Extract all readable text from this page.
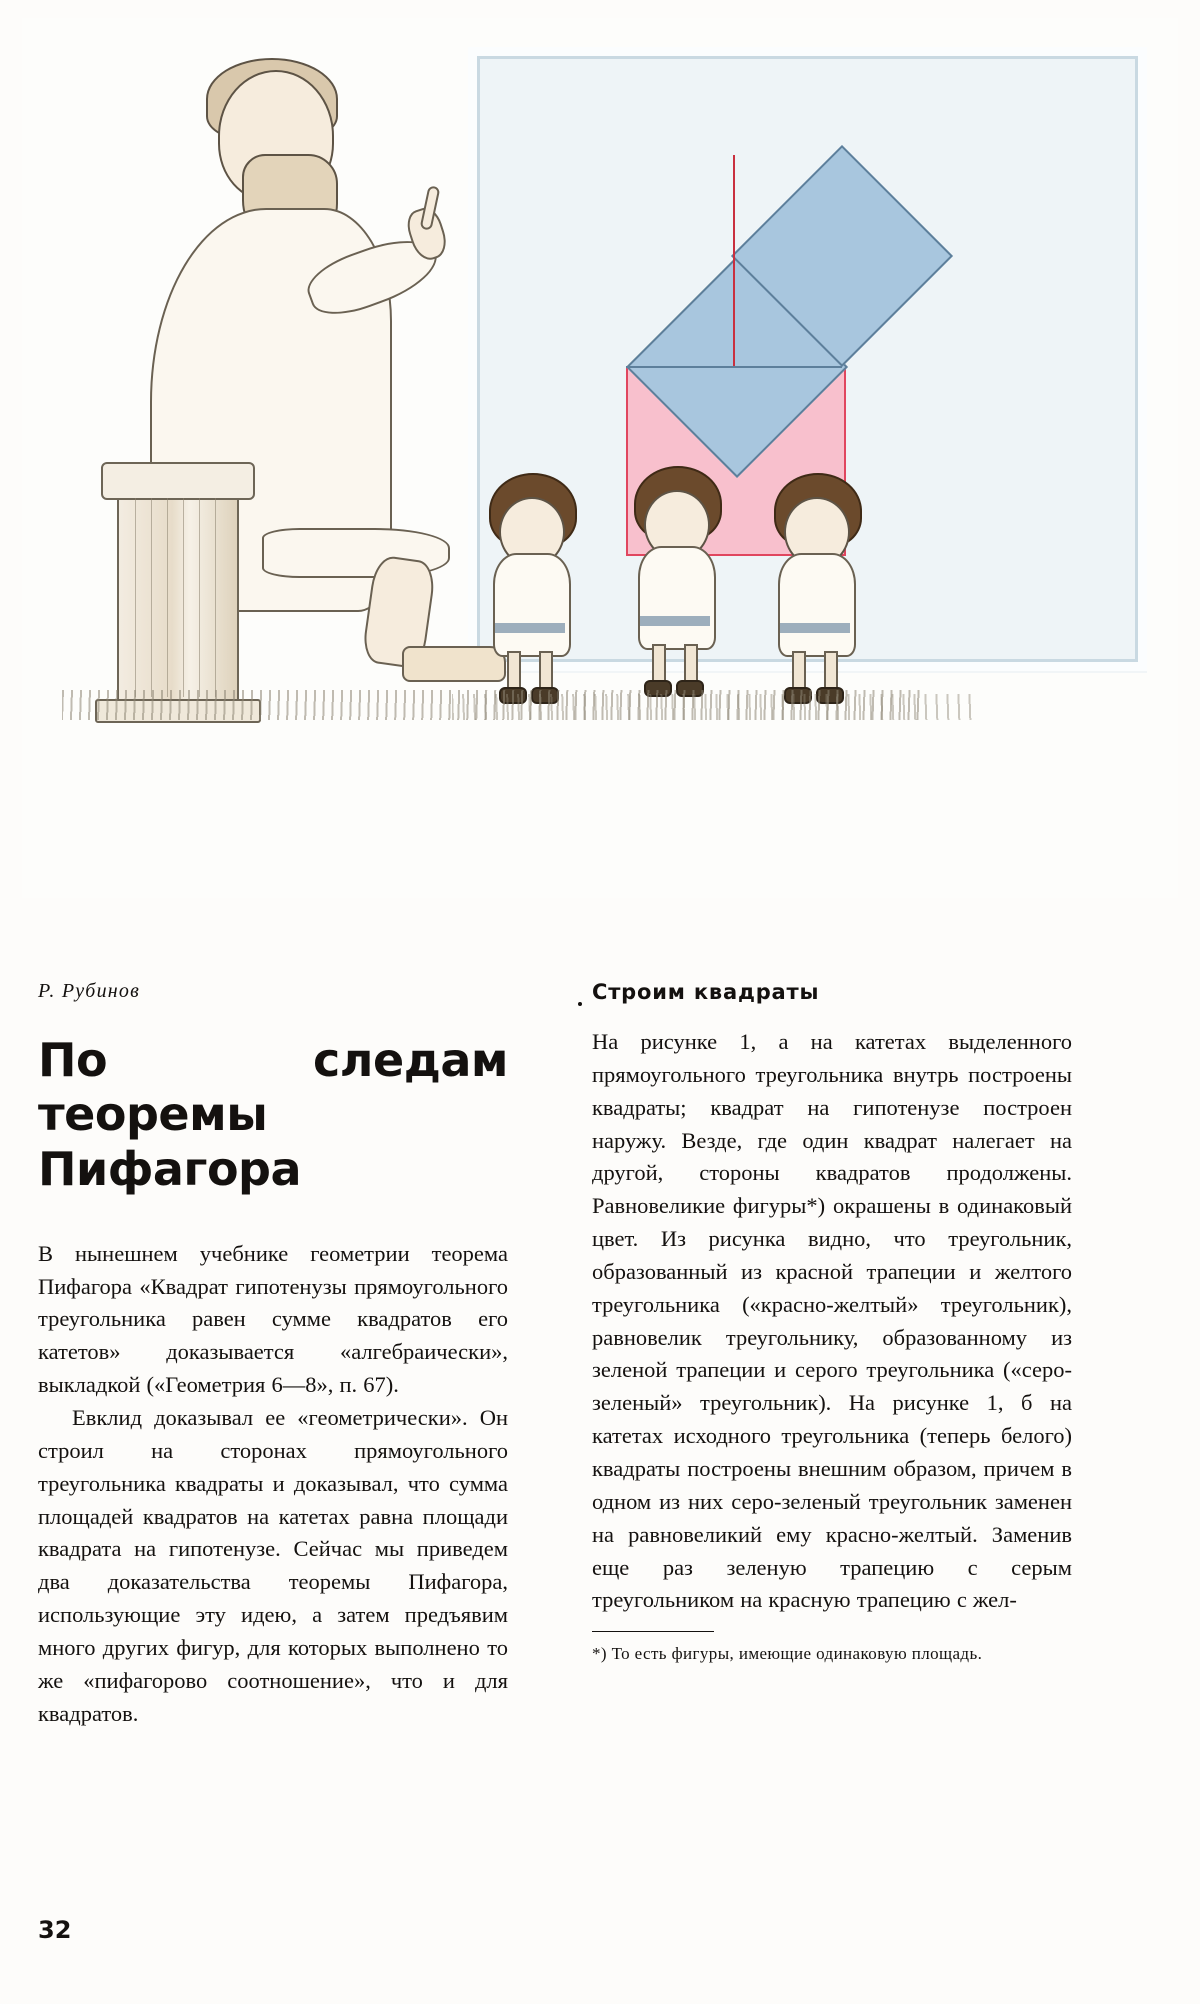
Р. Рубинов
По следам теоремы Пифагора

В нынешнем учебнике геометрии теорема Пифагора «Квадрат гипотенузы прямоугольного треугольника равен сумме квадратов его катетов» доказывается «алгебраически», выкладкой («Геометрия 6—8», п. 67).

Евклид доказывал ее «геометрически». Он строил на сторонах прямоугольного треугольника квадраты и доказывал, что сумма площадей квадратов на катетах равна площади квадрата на гипотенузе. Сейчас мы приведем два доказательства теоремы Пифагора, использующие эту идею, а затем предъявим много других фигур, для которых выполнено то же «пифагорово соотношение», что и для квадратов.

Строим квадраты

На рисунке 1, а на катетах выделенного прямоугольного треугольника внутрь построены квадраты; квадрат на гипотенузе построен наружу. Везде, где один квадрат налегает на другой, стороны квадратов продолжены. Равновеликие фигуры*) окрашены в одинаковый цвет. Из рисунка видно, что треугольник, образованный из красной трапеции и желтого треугольника («красно-желтый» треугольник), равновелик треугольнику, образованному из зеленой трапеции и серого треугольника («серо-зеленый» треугольник). На рисунке 1, б на катетах исходного треугольника (теперь белого) квадраты построены внешним образом, причем в одном из них серо-зеленый треугольник заменен на равновеликий ему красно-желтый. Заменив еще раз зеленую трапецию с серым треугольником на красную трапецию с жел-

*) То есть фигуры, имеющие одинаковую площадь.

32
